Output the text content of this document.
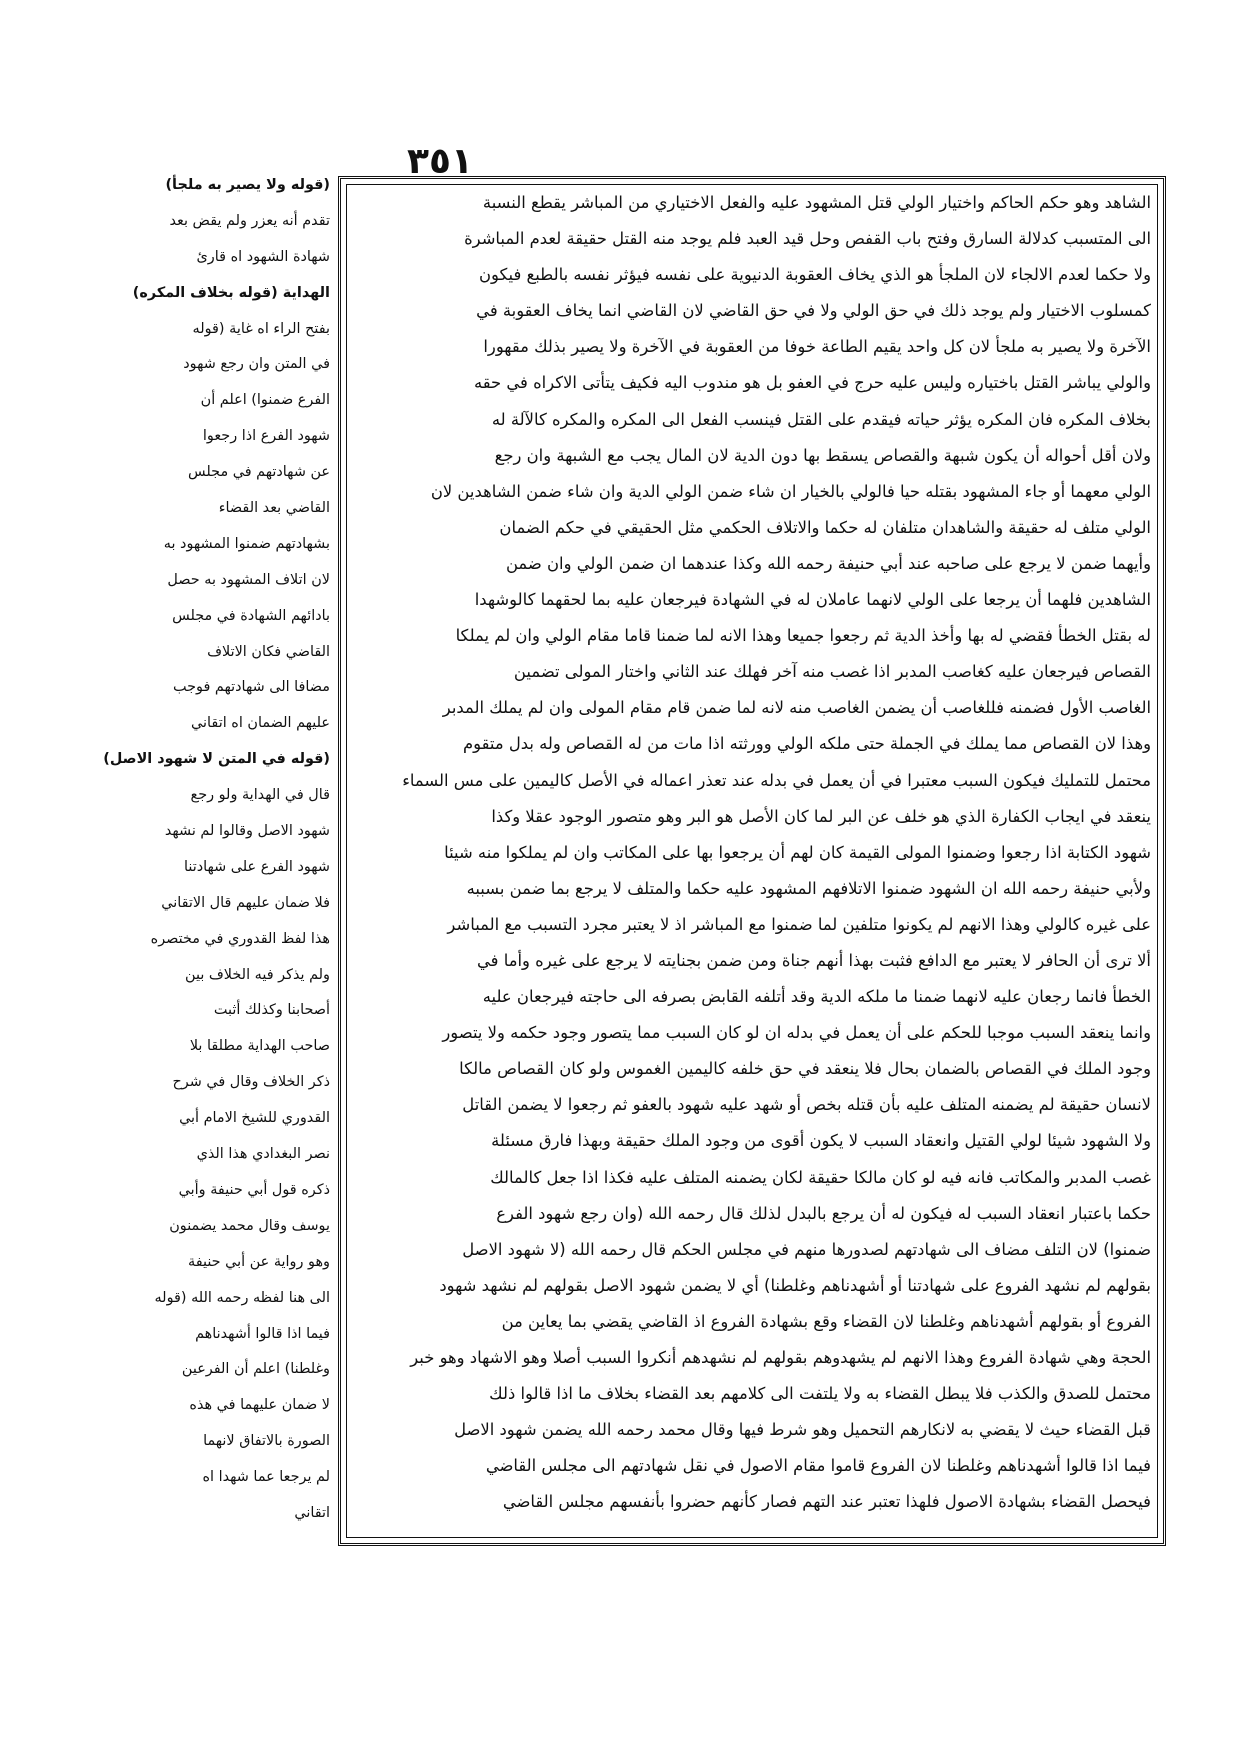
٣٥١
الشاهد وهو حكم الحاكم واختيار الولي قتل المشهود عليه والفعل الاختياري من المباشر يقطع النسبة
الى المتسبب كدلالة السارق وفتح باب القفص وحل قيد العبد فلم يوجد منه القتل حقيقة لعدم المباشرة
ولا حكما لعدم الالجاء لان الملجأ هو الذي يخاف العقوبة الدنيوية على نفسه فيؤثر نفسه بالطبع فيكون
كمسلوب الاختيار ولم يوجد ذلك في حق الولي ولا في حق القاضي لان القاضي انما يخاف العقوبة في
الآخرة ولا يصير به ملجأ لان كل واحد يقيم الطاعة خوفا من العقوبة في الآخرة ولا يصير بذلك مقهورا
والولي يباشر القتل باختياره وليس عليه حرج في العفو بل هو مندوب اليه فكيف يتأتى الاكراه في حقه
بخلاف المكره فان المكره يؤثر حياته فيقدم على القتل فينسب الفعل الى المكره والمكره كالآلة له
ولان أقل أحواله أن يكون شبهة والقصاص يسقط بها دون الدية لان المال يجب مع الشبهة وان رجع
الولي معهما أو جاء المشهود بقتله حيا فالولي بالخيار ان شاء ضمن الولي الدية وان شاء ضمن الشاهدين لان
الولي متلف له حقيقة والشاهدان متلفان له حكما والاتلاف الحكمي مثل الحقيقي في حكم الضمان
وأيهما ضمن لا يرجع على صاحبه عند أبي حنيفة رحمه الله وكذا عندهما ان ضمن الولي وان ضمن
الشاهدين فلهما أن يرجعا على الولي لانهما عاملان له في الشهادة فيرجعان عليه بما لحقهما كالوشهدا
له بقتل الخطأ فقضي له بها وأخذ الدية ثم رجعوا جميعا وهذا الانه لما ضمنا قاما مقام الولي وان لم يملكا
القصاص فيرجعان عليه كغاصب المدبر اذا غصب منه آخر فهلك عند الثاني واختار المولى تضمين
الغاصب الأول فضمنه فللغاصب أن يضمن الغاصب منه لانه لما ضمن قام مقام المولى وان لم يملك المدبر
وهذا لان القصاص مما يملك في الجملة حتى ملكه الولي وورثته اذا مات من له القصاص وله بدل متقوم
محتمل للتمليك فيكون السبب معتبرا في أن يعمل في بدله عند تعذر اعماله في الأصل كاليمين على مس السماء
ينعقد في ايجاب الكفارة الذي هو خلف عن البر لما كان الأصل هو البر وهو متصور الوجود عقلا وكذا
شهود الكتابة اذا رجعوا وضمنوا المولى القيمة كان لهم أن يرجعوا بها على المكاتب وان لم يملكوا منه شيئا
ولأبي حنيفة رحمه الله ان الشهود ضمنوا الاتلافهم المشهود عليه حكما والمتلف لا يرجع بما ضمن بسببه
على غيره كالولي وهذا الانهم لم يكونوا متلفين لما ضمنوا مع المباشر اذ لا يعتبر مجرد التسبب مع المباشر
ألا ترى أن الحافر لا يعتبر مع الدافع فثبت بهذا أنهم جناة ومن ضمن بجنايته لا يرجع على غيره وأما في
الخطأ فانما رجعان عليه لانهما ضمنا ما ملكه الدية وقد أتلفه القابض بصرفه الى حاجته فيرجعان عليه
وانما ينعقد السبب موجبا للحكم على أن يعمل في بدله ان لو كان السبب مما يتصور وجود حكمه ولا يتصور
وجود الملك في القصاص بالضمان بحال فلا ينعقد في حق خلفه كاليمين الغموس ولو كان القصاص مالكا
لانسان حقيقة لم يضمنه المتلف عليه بأن قتله بخص أو شهد عليه شهود بالعفو ثم رجعوا لا يضمن القاتل
ولا الشهود شيئا لولي القتيل وانعقاد السبب لا يكون أقوى من وجود الملك حقيقة وبهذا فارق مسئلة
غصب المدبر والمكاتب فانه فيه لو كان مالكا حقيقة لكان يضمنه المتلف عليه فكذا اذا جعل كالمالك
حكما باعتبار انعقاد السبب له فيكون له أن يرجع بالبدل لذلك قال رحمه الله (وان رجع شهود الفرع
ضمنوا) لان التلف مضاف الى شهادتهم لصدورها منهم في مجلس الحكم قال رحمه الله (لا شهود الاصل
بقولهم لم نشهد الفروع على شهادتنا أو أشهدناهم وغلطنا) أي لا يضمن شهود الاصل بقولهم لم نشهد شهود
الفروع أو بقولهم أشهدناهم وغلطنا لان القضاء وقع بشهادة الفروع اذ القاضي يقضي بما يعاين من
الحجة وهي شهادة الفروع وهذا الانهم لم يشهدوهم بقولهم لم نشهدهم أنكروا السبب أصلا وهو الاشهاد وهو خبر
محتمل للصدق والكذب فلا يبطل القضاء به ولا يلتفت الى كلامهم بعد القضاء بخلاف ما اذا قالوا ذلك
قبل القضاء حيث لا يقضي به لانكارهم التحميل وهو شرط فيها وقال محمد رحمه الله يضمن شهود الاصل
فيما اذا قالوا أشهدناهم وغلطنا لان الفروع قاموا مقام الاصول في نقل شهادتهم الى مجلس القاضي
فيحصل القضاء بشهادة الاصول فلهذا تعتبر عند التهم فصار كأنهم حضروا بأنفسهم مجلس القاضي
(قوله ولا يصير به ملجأ)
تقدم أنه يعزر ولم يقض بعد
شهادة الشهود اه قارئ
الهداية (قوله بخلاف المكره)
بفتح الراء اه غاية (قوله
في المتن وان رجع شهود
الفرع ضمنوا) اعلم أن
شهود الفرع اذا رجعوا
عن شهادتهم في مجلس
القاضي بعد القضاء
بشهادتهم ضمنوا المشهود به
لان اتلاف المشهود به حصل
بادائهم الشهادة في مجلس
القاضي فكان الاتلاف
مضافا الى شهادتهم فوجب
عليهم الضمان اه اتقاني
(قوله في المتن لا شهود الاصل)
قال في الهداية ولو رجع
شهود الاصل وقالوا لم نشهد
شهود الفرع على شهادتنا
فلا ضمان عليهم قال الاتقاني
هذا لفظ القدوري في مختصره
ولم يذكر فيه الخلاف بين
أصحابنا وكذلك أثبت
صاحب الهداية مطلقا بلا
ذكر الخلاف وقال في شرح
القدوري للشيخ الامام أبي
نصر البغدادي هذا الذي
ذكره قول أبي حنيفة وأبي
يوسف وقال محمد يضمنون
وهو رواية عن أبي حنيفة
الى هنا لفظه رحمه الله (قوله
فيما اذا قالوا أشهدناهم
وغلطنا) اعلم أن الفرعين
لا ضمان عليهما في هذه
الصورة بالاتفاق لانهما
لم يرجعا عما شهدا اه
اتقاني
